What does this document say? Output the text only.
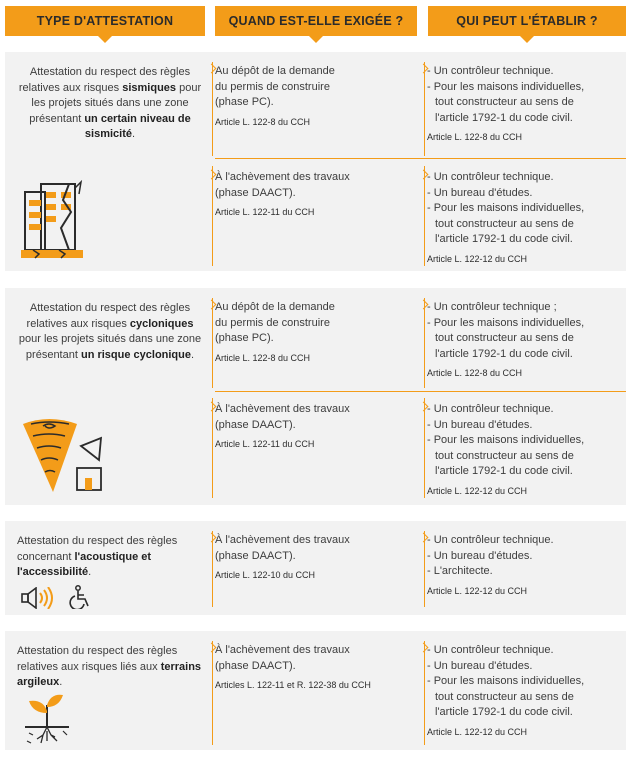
TYPE D'ATTESTATION	QUAND EST-ELLE EXIGÉE ?	QUI PEUT L'ÉTABLIR ?
Attestation du respect des règles relatives aux risques sismiques pour les projets situés dans une zone présentant un certain niveau de sismicité.
Au dépôt de la demande
du permis de construire
(phase PC).
Article L. 122-8 du CCH
- Un contrôleur technique.
- Pour les maisons individuelles,
tout constructeur au sens de
l'article 1792-1 du code civil.
Article L. 122-8 du CCH
À l'achèvement des travaux
(phase DAACT).
Article L. 122-11 du CCH
- Un contrôleur technique.
- Un bureau d'études.
- Pour les maisons individuelles,
tout constructeur au sens de
l'article 1792-1 du code civil.
Article L. 122-12 du CCH
Attestation du respect des règles relatives aux risques cycloniques pour les projets situés dans une zone présentant un risque cyclonique.
Au dépôt de la demande
du permis de construire
(phase PC).
Article L. 122-8 du CCH
- Un contrôleur technique ;
- Pour les maisons individuelles,
tout constructeur au sens de
l'article 1792-1 du code civil.
Article L. 122-8 du CCH
À l'achèvement des travaux
(phase DAACT).
Article L. 122-11 du CCH
- Un contrôleur technique.
- Un bureau d'études.
- Pour les maisons individuelles,
tout constructeur au sens de
l'article 1792-1 du code civil.
Article L. 122-12 du CCH
Attestation du respect des règles concernant l'acoustique et l'accessibilité.
À l'achèvement des travaux
(phase DAACT).
Article L. 122-10 du CCH
- Un contrôleur technique.
- Un bureau d'études.
- L'architecte.
Article L. 122-12 du CCH
Attestation du respect des règles relatives aux risques liés aux terrains argileux.
À l'achèvement des travaux
(phase DAACT).
Articles L. 122-11 et R. 122-38 du CCH
- Un contrôleur technique.
- Un bureau d'études.
- Pour les maisons individuelles,
tout constructeur au sens de
l'article 1792-1 du code civil.
Article L. 122-12 du CCH
